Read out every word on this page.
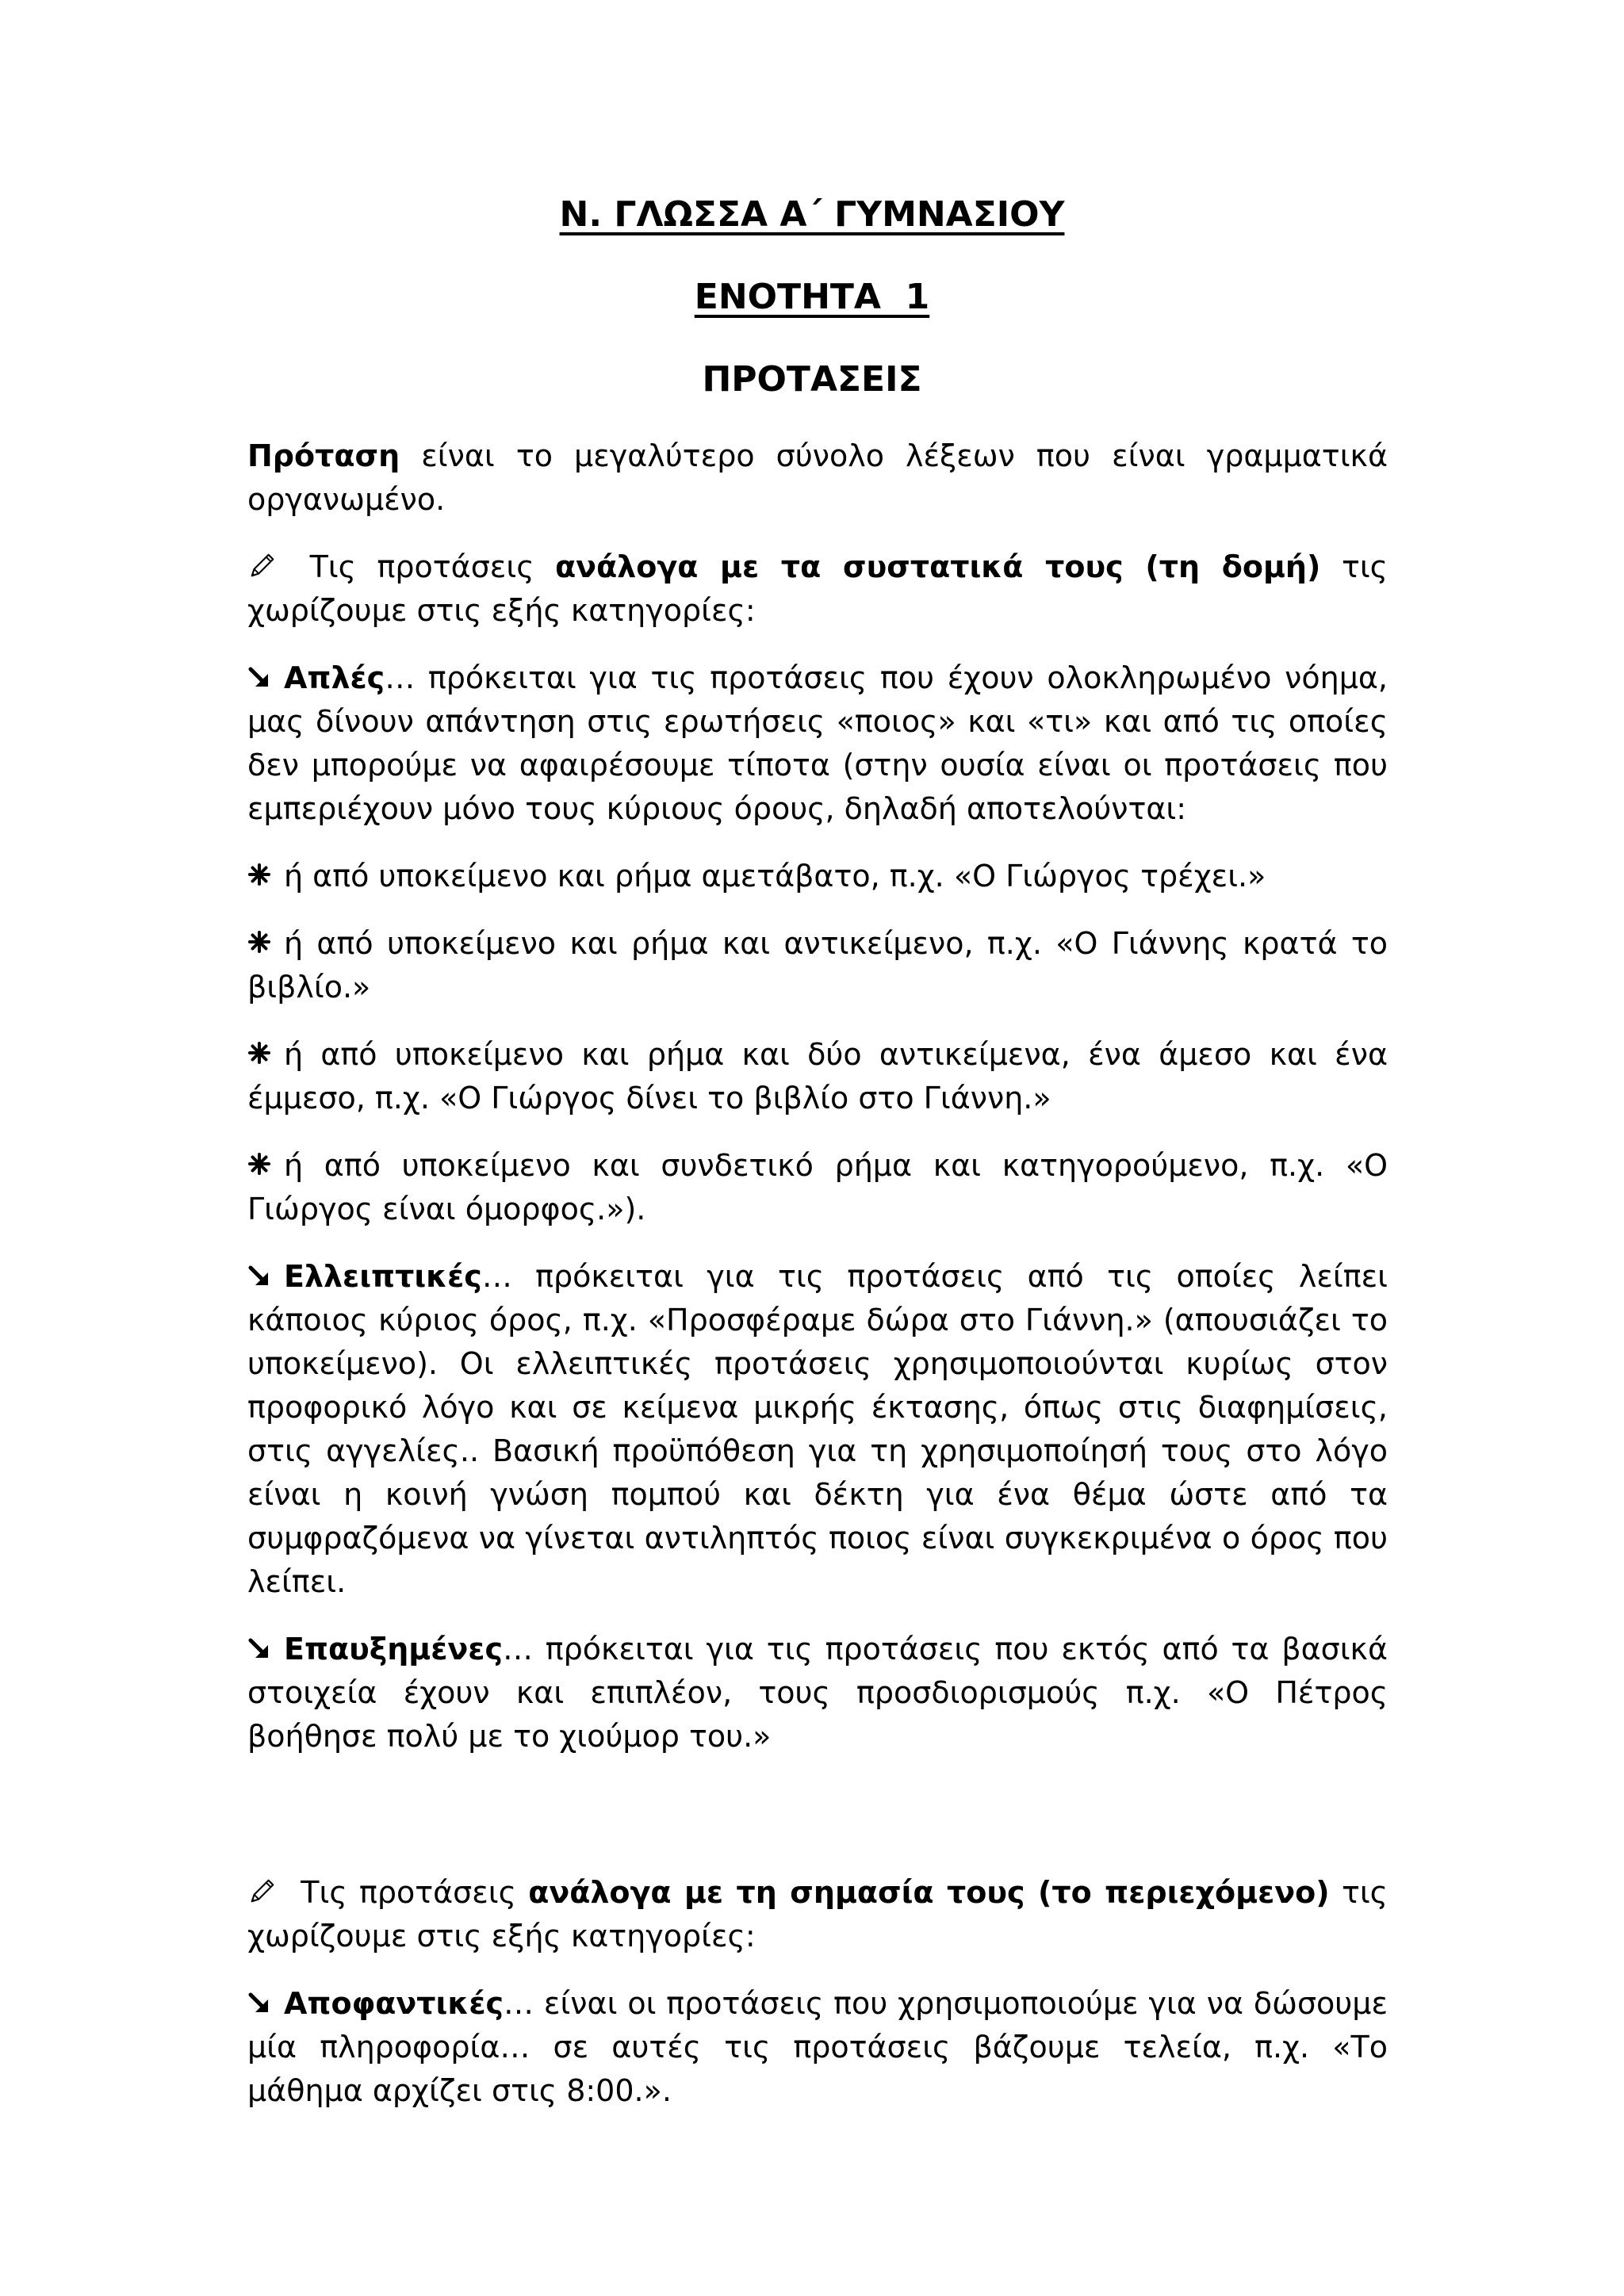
Ν. ΓΛΩΣΣΑ Α΄ ΓΥΜΝΑΣΙΟΥ
ΕΝΟΤΗΤΑ  1
ΠΡΟΤΑΣΕΙΣ

Πρόταση είναι το μεγαλύτερο σύνολο λέξεων που είναι γραμματικά οργανωμένο.

Τις προτάσεις ανάλογα με τα συστατικά τους (τη δομή) τις χωρίζουμε στις εξής κατηγορίες:

Απλές… πρόκειται για τις προτάσεις που έχουν ολοκληρωμένο νόημα, μας δίνουν απάντηση στις ερωτήσεις «ποιος» και «τι» και από τις οποίες δεν μπορούμε να αφαιρέσουμε τίποτα (στην ουσία είναι οι προτάσεις που εμπεριέχουν μόνο τους κύριους όρους, δηλαδή αποτελούνται:

ή από υποκείμενο και ρήμα αμετάβατο, π.χ. «Ο Γιώργος τρέχει.»

ή από υποκείμενο και ρήμα και αντικείμενο, π.χ. «Ο Γιάννης κρατά το βιβλίο.»

ή από υποκείμενο και ρήμα και δύο αντικείμενα, ένα άμεσο και ένα έμμεσο, π.χ. «Ο Γιώργος δίνει το βιβλίο στο Γιάννη.»

ή από υποκείμενο και συνδετικό ρήμα και κατηγορούμενο, π.χ. «Ο Γιώργος είναι όμορφος.»).

Ελλειπτικές… πρόκειται για τις προτάσεις από τις οποίες λείπει κάποιος κύριος όρος, π.χ. «Προσφέραμε δώρα στο Γιάννη.» (απουσιάζει το υποκείμενο). Οι ελλειπτικές προτάσεις χρησιμοποιούνται κυρίως στον προφορικό λόγο και σε κείμενα μικρής έκτασης, όπως στις διαφημίσεις, στις αγγελίες.. Βασική προϋπόθεση για τη χρησιμοποίησή τους στο λόγο είναι η κοινή γνώση πομπού και δέκτη για ένα θέμα ώστε από τα συμφραζόμενα να γίνεται αντιληπτός ποιος είναι συγκεκριμένα ο όρος που λείπει.

Επαυξημένες… πρόκειται για τις προτάσεις που εκτός από τα βασικά στοιχεία έχουν και επιπλέον, τους προσδιορισμούς π.χ. «Ο Πέτρος βοήθησε πολύ με το χιούμορ του.»

Τις προτάσεις ανάλογα με τη σημασία τους (το περιεχόμενο) τις χωρίζουμε στις εξής κατηγορίες:

Αποφαντικές… είναι οι προτάσεις που χρησιμοποιούμε για να δώσουμε μία πληροφορία… σε αυτές τις προτάσεις βάζουμε τελεία, π.χ. «Το μάθημα αρχίζει στις 8:00.».
